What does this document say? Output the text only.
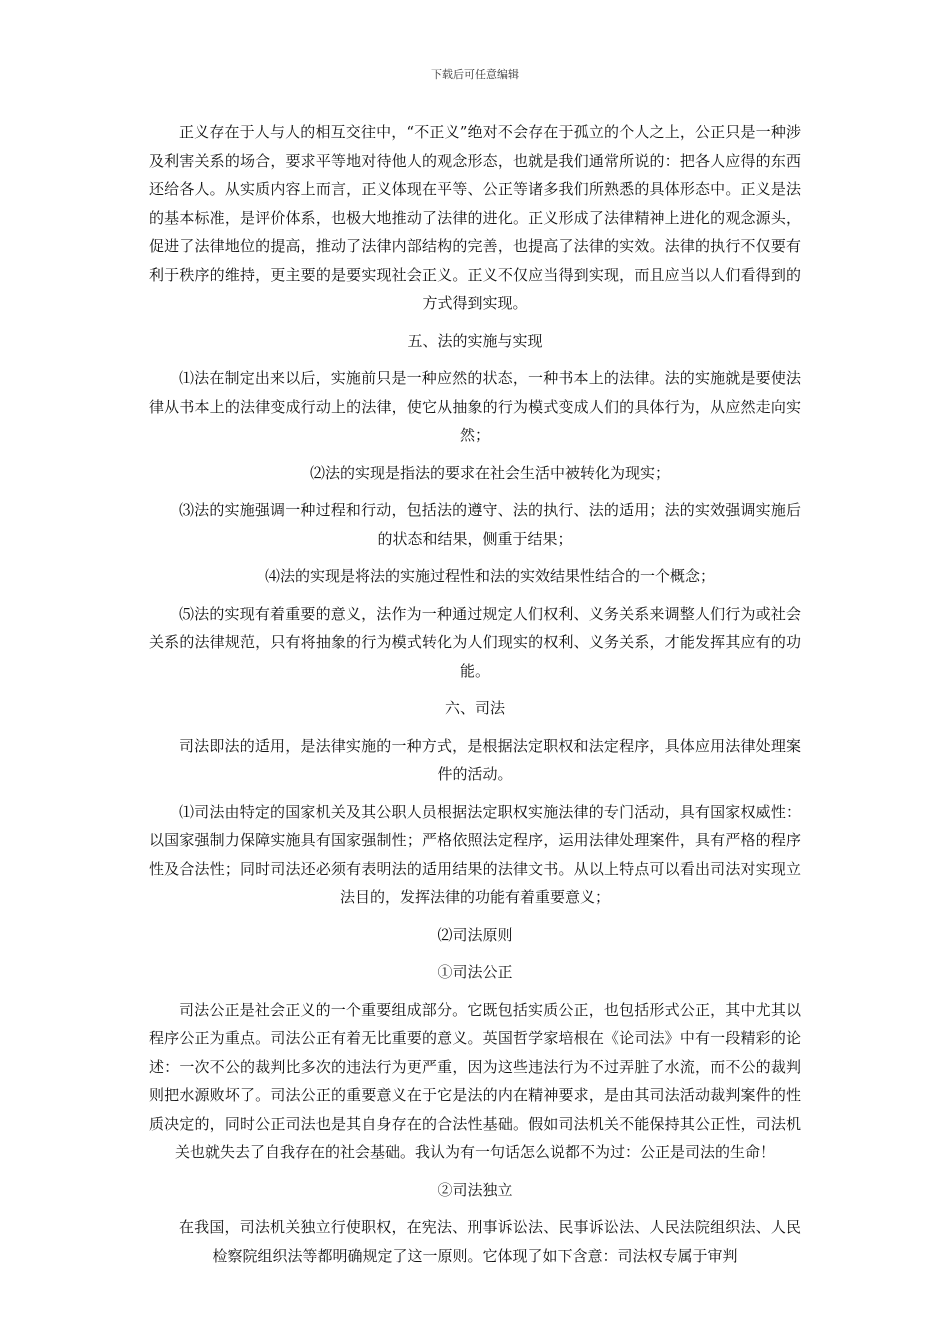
下载后可任意编辑

正义存在于人与人的相互交往中，“不正义”绝对不会存在于孤立的个人之上，公正只是一种涉及利害关系的场合，要求平等地对待他人的观念形态，也就是我们通常所说的：把各人应得的东西还给各人。从实质内容上而言，正义体现在平等、公正等诸多我们所熟悉的具体形态中。正义是法的基本标准，是评价体系，也极大地推动了法律的进化。正义形成了法律精神上进化的观念源头，促进了法律地位的提高，推动了法律内部结构的完善，也提高了法律的实效。法律的执行不仅要有利于秩序的维持，更主要的是要实现社会正义。正义不仅应当得到实现，而且应当以人们看得到的方式得到实现。

五、法的实施与实现

⑴法在制定出来以后，实施前只是一种应然的状态，一种书本上的法律。法的实施就是要使法律从书本上的法律变成行动上的法律，使它从抽象的行为模式变成人们的具体行为，从应然走向实然；

⑵法的实现是指法的要求在社会生活中被转化为现实；

⑶法的实施强调一种过程和行动，包括法的遵守、法的执行、法的适用；法的实效强调实施后的状态和结果，侧重于结果；

⑷法的实现是将法的实施过程性和法的实效结果性结合的一个概念；

⑸法的实现有着重要的意义，法作为一种通过规定人们权利、义务关系来调整人们行为或社会关系的法律规范，只有将抽象的行为模式转化为人们现实的权利、义务关系，才能发挥其应有的功能。

六、司法

司法即法的适用，是法律实施的一种方式，是根据法定职权和法定程序，具体应用法律处理案件的活动。

⑴司法由特定的国家机关及其公职人员根据法定职权实施法律的专门活动，具有国家权威性：以国家强制力保障实施具有国家强制性；严格依照法定程序，运用法律处理案件，具有严格的程序性及合法性；同时司法还必须有表明法的适用结果的法律文书。从以上特点可以看出司法对实现立法目的，发挥法律的功能有着重要意义；

⑵司法原则

①司法公正

司法公正是社会正义的一个重要组成部分。它既包括实质公正，也包括形式公正，其中尤其以程序公正为重点。司法公正有着无比重要的意义。英国哲学家培根在《论司法》中有一段精彩的论述：一次不公的裁判比多次的违法行为更严重，因为这些违法行为不过弄脏了水流，而不公的裁判则把水源败坏了。司法公正的重要意义在于它是法的内在精神要求，是由其司法活动裁判案件的性质决定的，同时公正司法也是其自身存在的合法性基础。假如司法机关不能保持其公正性，司法机关也就失去了自我存在的社会基础。我认为有一句话怎么说都不为过：公正是司法的生命！

②司法独立

在我国，司法机关独立行使职权，在宪法、刑事诉讼法、民事诉讼法、人民法院组织法、人民检察院组织法等都明确规定了这一原则。它体现了如下含意：司法权专属于审判
